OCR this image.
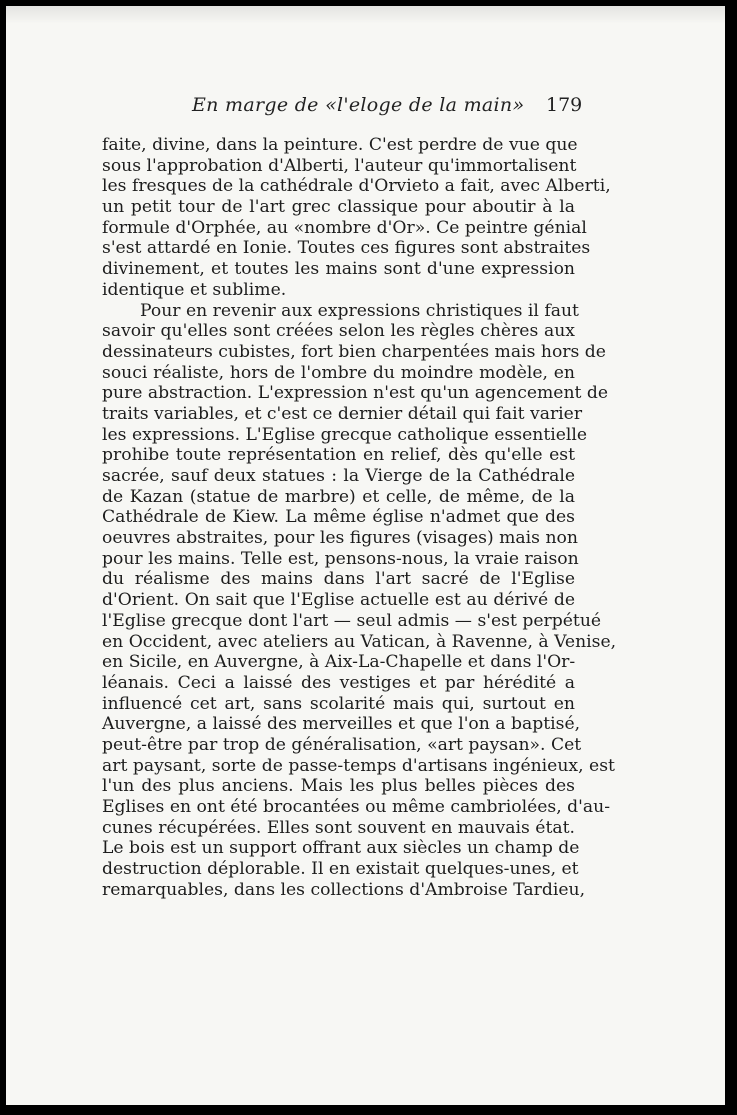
En marge de «l'eloge de la main» 179
faite, divine, dans la peinture. C'est perdre de vue que
sous l'approbation d'Alberti, l'auteur qu'immortalisent
les fresques de la cathédrale d'Orvieto a fait, avec Alberti,
un petit tour de l'art grec classique pour aboutir à la
formule d'Orphée, au «nombre d'Or». Ce peintre génial
s'est attardé en Ionie. Toutes ces figures sont abstraites
divinement, et toutes les mains sont d'une expression
identique et sublime.
Pour en revenir aux expressions christiques il faut
savoir qu'elles sont créées selon les règles chères aux
dessinateurs cubistes, fort bien charpentées mais hors de
souci réaliste, hors de l'ombre du moindre modèle, en
pure abstraction. L'expression n'est qu'un agencement de
traits variables, et c'est ce dernier détail qui fait varier
les expressions. L'Eglise grecque catholique essentielle
prohibe toute représentation en relief, dès qu'elle est
sacrée, sauf deux statues : la Vierge de la Cathédrale
de Kazan (statue de marbre) et celle, de même, de la
Cathédrale de Kiew. La même église n'admet que des
oeuvres abstraites, pour les figures (visages) mais non
pour les mains. Telle est, pensons-nous, la vraie raison
du réalisme des mains dans l'art sacré de l'Eglise
d'Orient. On sait que l'Eglise actuelle est au dérivé de
l'Eglise grecque dont l'art — seul admis — s'est perpétué
en Occident, avec ateliers au Vatican, à Ravenne, à Venise,
en Sicile, en Auvergne, à Aix-La-Chapelle et dans l'Or-
léanais. Ceci a laissé des vestiges et par hérédité a
influencé cet art, sans scolarité mais qui, surtout en
Auvergne, a laissé des merveilles et que l'on a baptisé,
peut-être par trop de généralisation, «art paysan». Cet
art paysant, sorte de passe-temps d'artisans ingénieux, est
l'un des plus anciens. Mais les plus belles pièces des
Eglises en ont été brocantées ou même cambriolées, d'au-
cunes récupérées. Elles sont souvent en mauvais état.
Le bois est un support offrant aux siècles un champ de
destruction déplorable. Il en existait quelques-unes, et
remarquables, dans les collections d'Ambroise Tardieu,
